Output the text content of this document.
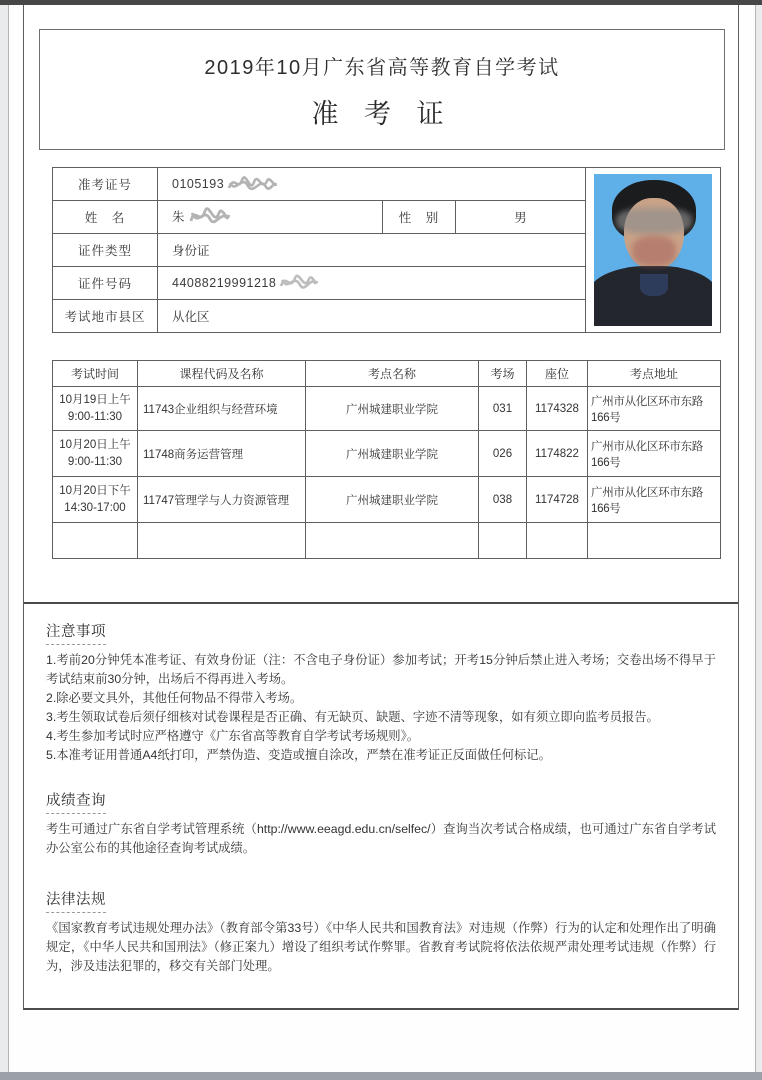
2019年10月广东省高等教育自学考试
准 考 证
准考证号	0105193			

姓　名	朱	性　别	男	
证件类型	身份证			
证件号码	44088219991218			
考试地市县区	从化区			
考试时间	课程代码及名称	考点名称	考场	座位	考点地址

10月19日上午
9:00-11:30	11743企业组织与经营环境	广州城建职业学院	031	1174328	广州市从化区环市东路166号

10月20日上午
9:00-11:30	11748商务运营管理	广州城建职业学院	026	1174822	广州市从化区环市东路166号

10月20日下午
14:30-17:00	11747管理学与人力资源管理	广州城建职业学院	038	1174728	广州市从化区环市东路166号

注意事项
1.考前20分钟凭本准考证、有效身份证（注：不含电子身份证）参加考试；开考15分钟后禁止进入考场；交卷出场不得早于考试结束前30分钟，出场后不得再进入考场。
2.除必要文具外，其他任何物品不得带入考场。
3.考生领取试卷后须仔细核对试卷课程是否正确、有无缺页、缺题、字迹不清等现象，如有须立即向监考员报告。
4.考生参加考试时应严格遵守《广东省高等教育自学考试考场规则》。
5.本准考证用普通A4纸打印，严禁伪造、变造或擅自涂改，严禁在准考证正反面做任何标记。
成绩查询
考生可通过广东省自学考试管理系统（http://www.eeagd.edu.cn/selfec/）查询当次考试合格成绩，也可通过广东省自学考试办公室公布的其他途径查询考试成绩。
法律法规
《国家教育考试违规处理办法》（教育部令第33号）《中华人民共和国教育法》对违规（作弊）行为的认定和处理作出了明确规定，《中华人民共和国刑法》（修正案九）增设了组织考试作弊罪。省教育考试院将依法依规严肃处理考试违规（作弊）行为，涉及违法犯罪的，移交有关部门处理。
